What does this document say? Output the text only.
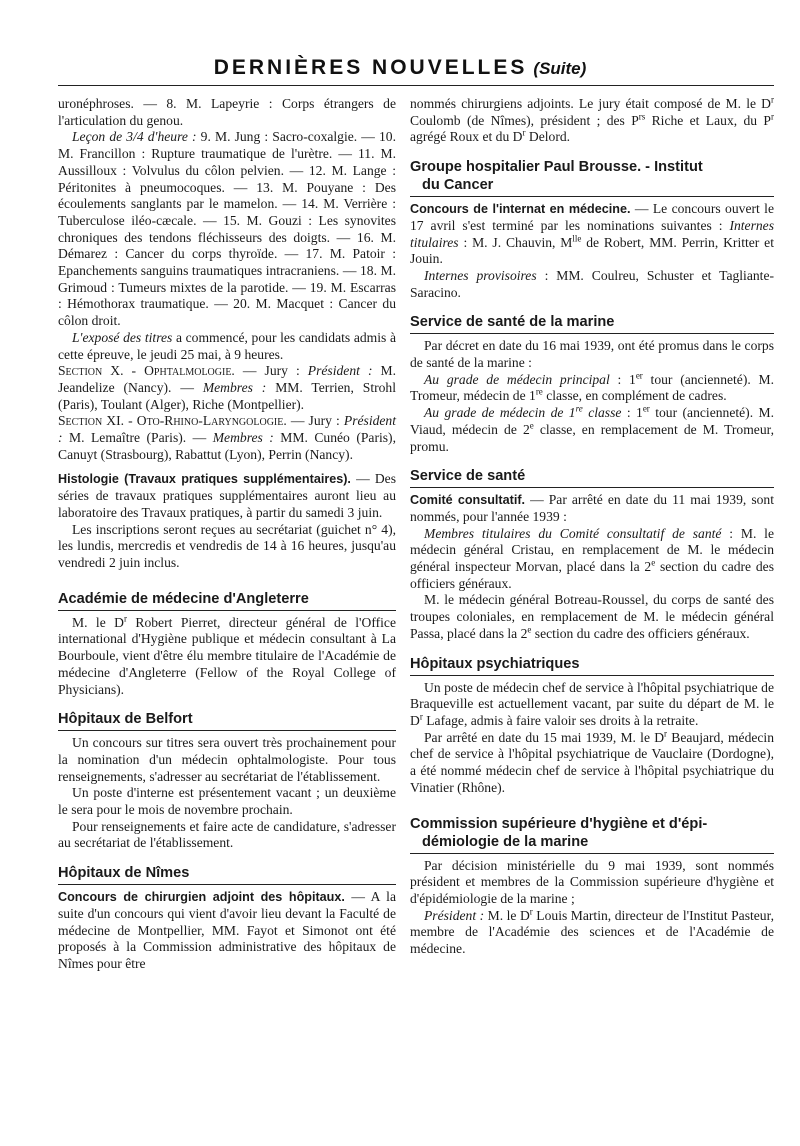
DERNIÈRES NOUVELLES (Suite)

uronéphroses. — 8. M. Lapeyrie : Corps étrangers de l'articulation du genou.

Leçon de 3/4 d'heure : 9. M. Jung : Sacro-coxalgie. — 10. M. Francillon : Rupture traumatique de l'urètre. — 11. M. Aussilloux : Volvulus du côlon pelvien. — 12. M. Lange : Péritonites à pneumocoques. — 13. M. Pouyane : Des écoulements sanglants par le mamelon. — 14. M. Verrière : Tuberculose iléo-cæcale. — 15. M. Gouzi : Les synovites chroniques des tendons fléchisseurs des doigts. — 16. M. Démarez : Cancer du corps thyroïde. — 17. M. Patoir : Epanchements sanguins traumatiques intracraniens. — 18. M. Grimoud : Tumeurs mixtes de la parotide. — 19. M. Escarras : Hémothorax traumatique. — 20. M. Macquet : Cancer du côlon droit.

L'exposé des titres a commencé, pour les candidats admis à cette épreuve, le jeudi 25 mai, à 9 heures.

Section X. - Ophtalmologie. — Jury : Président : M. Jeandelize (Nancy). — Membres : MM. Terrien, Strohl (Paris), Toulant (Alger), Riche (Montpellier).

Section XI. - Oto-Rhino-Laryngologie. — Jury : Président : M. Lemaître (Paris). — Membres : MM. Cunéo (Paris), Canuyt (Strasbourg), Rabattut (Lyon), Perrin (Nancy).

Histologie (Travaux pratiques supplémentaires). — Des séries de travaux pratiques supplémentaires auront lieu au laboratoire des Travaux pratiques, à partir du samedi 3 juin.

Les inscriptions seront reçues au secrétariat (guichet n° 4), les lundis, mercredis et vendredis de 14 à 16 heures, jusqu'au vendredi 2 juin inclus.

Académie de médecine d'Angleterre

M. le $D^r$ Robert Pierret, directeur général de l'Office international d'Hygiène publique et médecin consultant à La Bourboule, vient d'être élu membre titulaire de l'Académie de médecine d'Angleterre (Fellow of the Royal College of Physicians).

Hôpitaux de Belfort

Un concours sur titres sera ouvert très prochainement pour la nomination d'un médecin ophtalmologiste. Pour tous renseignements, s'adresser au secrétariat de l'établissement.

Un poste d'interne est présentement vacant ; un deuxième le sera pour le mois de novembre prochain.

Pour renseignements et faire acte de candidature, s'adresser au secrétariat de l'établissement.

Hôpitaux de Nîmes

Concours de chirurgien adjoint des hôpitaux. — A la suite d'un concours qui vient d'avoir lieu devant la Faculté de médecine de Montpellier, MM. Fayot et Simonot ont été proposés à la Commission administrative des hôpitaux de Nîmes pour être

nommés chirurgiens adjoints. Le jury était composé de M. le $D^r$ Coulomb (de Nîmes), président ; des $P^{rs}$ Riche et Laux, du $P^r$ agrégé Roux et du $D^r$ Delord.

Groupe hospitalier Paul Brousse. - Institut
du Cancer

Concours de l'internat en médecine. — Le concours ouvert le 17 avril s'est terminé par les nominations suivantes : Internes titulaires : M. J. Chauvin, $M^{lle}$ de Robert, MM. Perrin, Kritter et Jouin.

Internes provisoires : MM. Coulreu, Schuster et Tagliante-Saracino.

Service de santé de la marine

Par décret en date du 16 mai 1939, ont été promus dans le corps de santé de la marine :

Au grade de médecin principal : 1er tour (ancienneté). M. Tromeur, médecin de 1re classe, en complément de cadres.

Au grade de médecin de 1re classe : 1er tour (ancienneté). M. Viaud, médecin de 2e classe, en remplacement de M. Tromeur, promu.

Service de santé

Comité consultatif. — Par arrêté en date du 11 mai 1939, sont nommés, pour l'année 1939 :

Membres titulaires du Comité consultatif de santé : M. le médecin général Cristau, en remplacement de M. le médecin général inspecteur Morvan, placé dans la 2e section du cadre des officiers généraux.

M. le médecin général Botreau-Roussel, du corps de santé des troupes coloniales, en remplacement de M. le médecin général Passa, placé dans la 2e section du cadre des officiers généraux.

Hôpitaux psychiatriques

Un poste de médecin chef de service à l'hôpital psychiatrique de Braqueville est actuellement vacant, par suite du départ de M. le $D^r$ Lafage, admis à faire valoir ses droits à la retraite.

Par arrêté en date du 15 mai 1939, M. le $D^r$ Beaujard, médecin chef de service à l'hôpital psychiatrique de Vauclaire (Dordogne), a été nommé médecin chef de service à l'hôpital psychiatrique du Vinatier (Rhône).

Commission supérieure d'hygiène et d'épi-
démiologie de la marine

Par décision ministérielle du 9 mai 1939, sont nommés président et membres de la Commission supérieure d'hygiène et d'épidémiologie de la marine ;

Président : M. le $D^r$ Louis Martin, directeur de l'Institut Pasteur, membre de l'Académie des sciences et de l'Académie de médecine.
